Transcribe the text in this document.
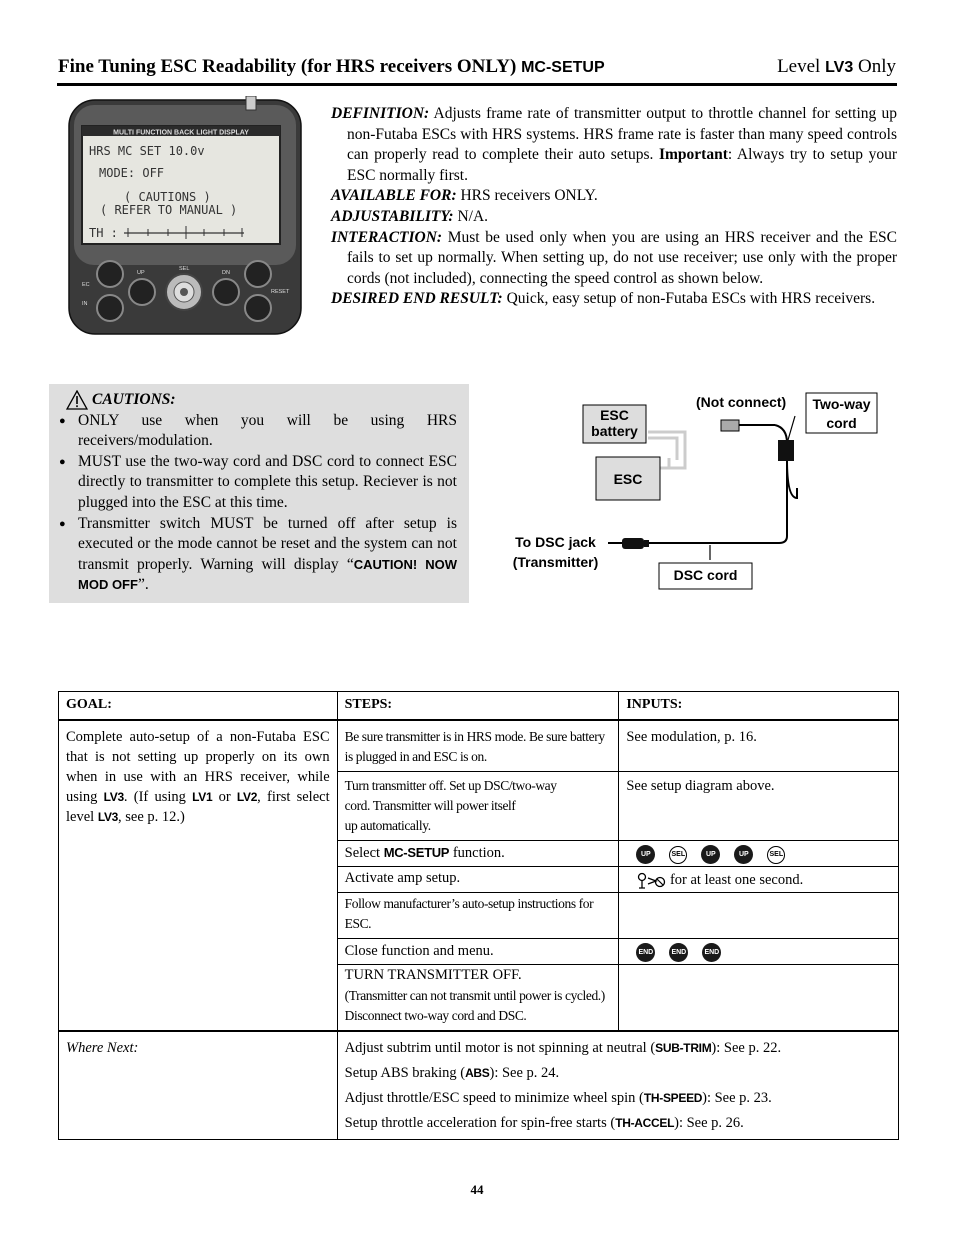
Fine Tuning ESC Readability (for HRS receivers ONLY) MC-SETUP	Level LV3 Only
MULTI FUNCTION BACK LIGHT DISPLAY
HRS MC SET 10.0v
MODE: OFF
( CAUTIONS )
( REFER TO MANUAL )
TH :
UP
SEL
DN
EC
IN
RESET

DEFINITION: Adjusts frame rate of transmitter output to throttle channel for setting up non-Futaba ESCs with HRS systems. HRS frame rate is faster than many speed controls can properly read to complete their auto setups. Important: Always try to setup your ESC normally first.

AVAILABLE FOR: HRS receivers ONLY.

ADJUSTABILITY: N/A.

INTERACTION: Must be used only when you are using an HRS receiver and the ESC fails to set up normally. When setting up, do not use receiver; use only with the proper cords (not included), connecting the speed control as shown below.

DESIRED END RESULT: Quick, easy setup of non-Futaba ESCs with HRS receivers.

CAUTIONS:
● ONLY use when you will be using HRS receivers/modulation.
● MUST use the two-way cord and DSC cord to connect ESC directly to transmitter to complete this setup. Reciever is not plugged into the ESC at this time.
● Transmitter switch MUST be turned off after setup is executed or the mode cannot be reset and the system can not transmit properly. Warning will display “CAUTION! NOW MOD OFF”.
ESC
battery
ESC
(Not connect)	Two-way
cord
To DSC jack
(Transmitter)
DSC cord
GOAL:	STEPS:	INPUTS:
Complete auto-setup of a non-Futaba ESC that is not setting up properly on its own when in use with an HRS receiver, while using LV3. (If using LV1 or LV2, first select level LV3, see p. 12.)	Be sure transmitter is in HRS mode. Be sure battery is plugged in and ESC is on.	See modulation, p. 16.

	Turn transmitter off. Set up DSC/two-way
cord. Transmitter will power itself
up automatically.	See setup diagram above.
	Select MC-SETUP function.	UP SEL UP UP SEL
	Activate amp setup.	for at least one second.
	Follow manufacturer’s auto-setup instructions for ESC.	
	Close function and menu.	END END END

	TURN TRANSMITTER OFF.
(Transmitter can not transmit until power is cycled.) Disconnect two-way cord and DSC.	

Where Next:	Adjust subtrim until motor is not spinning at neutral (SUB-TRIM): See p. 22.
Setup ABS braking (ABS): See p. 24.
Adjust throttle/ESC speed to minimize wheel spin (TH-SPEED): See p. 23.
Setup throttle acceleration for spin-free starts (TH-ACCEL): See p. 26.	
44
